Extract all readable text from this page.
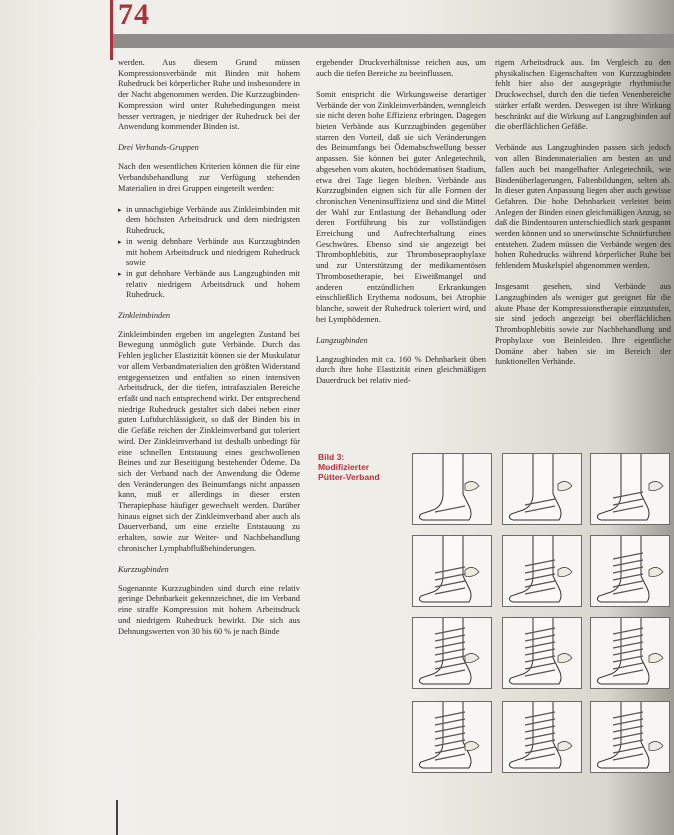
74

werden. Aus diesem Grund müssen Kompressionsverbände mit Binden mit hohem Ruhedruck bei körperlicher Ruhe und insbesondere in der Nacht abgenommen werden. Die Kurzzugbinden-Kompression wird unter Ruhebedingungen meist besser vertragen, je niedriger der Ruhedruck bei der Anwendung kommender Binden ist.

Drei Verbands-Gruppen

Nach den wesentlichen Kriterien können die für eine Verbandsbehandlung zur Verfügung stehenden Materialien in drei Gruppen eingeteilt werden:

▸ in unnachgiebige Verbände aus Zinkleimbinden mit dem höchsten Arbeitsdruck und dem niedrigsten Ruhedruck,
▸ in wenig dehnbare Verbände aus Kurzzugbinden mit hohem Arbeitsdruck und niedrigem Ruhedruck sowie
▸ in gut dehnbare Verbände aus Langzugbinden mit relativ niedrigem Arbeitsdruck und hohem Ruhedruck.
Zinkleimbinden

Zinkleimbinden ergeben im angelegten Zustand bei Bewegung unmöglich gute Verbände. Durch das Fehlen jeglicher Elastizität können sie der Muskulatur vor allem Verbandmaterialien den größten Widerstand entgegensetzen und entfalten so einen intensiven Arbeitsdruck, der die tiefen, intrafaszialen Bereiche erfaßt und nach entsprechend wirkt. Der entsprechend niedrige Ruhedruck gestaltet sich dabei neben einer guten Luftdurchlässigkeit, so daß der Binden bis in die Gefäße reichen der Zinkleimverband gut toleriert wird. Der Zinkleimverband ist deshalb unbedingt für eine schnellen Entstauung eines geschwollenen Beines und zur Beseitigung bestehender Ödeme. Da sich der Verband nach der Anwendung die Ödeme den Veränderungen des Beinumfangs nicht anpassen kann, muß er allerdings in dieser ersten Therapiephase häufiger gewechselt werden. Darüber hinaus eignet sich der Zinkleimverband aber auch als Dauerverband, um eine erzielte Entstauung zu erhalten, sowie zur Weiter- und Nachbehandlung chronischer Lymphabflußbehinderungen.

Kurzzugbinden

Sogenannte Kurzzugbinden sind durch eine relativ geringe Dehnbarkeit gekennzeichnet, die im Verband eine straffe Kompression mit hohem Arbeitsdruck und niedrigem Ruhedruck bewirkt. Die sich aus Dehnungswerten von 30 bis 60 % je nach Binde

ergebender Druckverhältnisse reichen aus, um auch die tiefen Bereiche zu beeinflussen.

Somit entspricht die Wirkungsweise derartiger Verbände der von Zinkleimverbänden, wenngleich sie nicht deren hohe Effizienz erbringen. Dagegen bieten Verbände aus Kurzzugbinden gegenüber starren den Vorteil, daß sie sich Veränderungen des Beinumfangs bei Ödemabschwellung besser anpassen. Sie können bei guter Anlegetechnik, abgesehen vom akuten, hochödematösen Stadium, etwa drei Tage liegen bleiben. Verbände aus Kurzzugbinden eignen sich für alle Formen der chronischen Veneninsuffizienz und sind die Mittel der Wahl zur Entlastung der Behandlung oder deren Fortführung bis zur vollständigen Erreichung und Aufrechterhaltung eines Geschwüres. Ebenso sind sie angezeigt bei Thrombophlebitis, zur Thrombosepraophylaxe und zur Unterstützung der medikamentösen Thrombosetherapie, bei Eiweißmangel und anderen entzündlichen Erkrankungen einschließlich Erythema nodosum, bei Atrophie blanche, soweit der Ruhedruck toleriert wird, und bei Lymphödemen.

Langzugbinden

Langzugbinden mit ca. 160 % Dehnbarkeit üben durch ihre hohe Elastizität einen gleichmäßigen Dauerdruck bei relativ nied-

rigem Arbeitsdruck aus. Im Vergleich zu den physikalischen Eigenschaften von Kurzzugbinden fehlt hier also der ausgeprägte rhythmische Druckwechsel, durch den die tiefen Venenbereiche stärker erfaßt werden. Deswegen ist ihre Wirkung beschränkt auf die Wirkung auf Langzugbinden auf die oberflächlichen Gefäße.

Verbände aus Langzugbinden passen sich jedoch von allen Bindenmaterialien am besten an und fallen auch bei mangelhafter Anlegetechnik, wie Bindenüberlagerungen, Faltenbildungen, selten ab. In dieser guten Anpassung liegen aber auch gewisse Gefahren. Die hohe Dehnbarkeit verleitet beim Anlegen der Binden einen gleichmäßigen Anzug, so daß die Bindentouren unterschiedlich stark gespannt werden können und so unerwünschte Schnürfurchen entstehen. Zudem müssen die Verbände wegen des hohen Ruhedrucks während körperlicher Ruhe bei fehlendem Muskelspiel abgenommen werden.

Insgesamt gesehen, sind Verbände aus Langzugbinden als weniger gut geeignet für die akute Phase der Kompressionstherapie einzustufen, sie sind jedoch angezeigt bei oberflächlichen Thrombophlebitis sowie zur Nachbehandlung und Prophylaxe von Beinleiden. Ihre eigentliche Domäne aber haben sie im Bereich der funktionellen Verbände.

Bild 3:
Modifizierter
Pütter-Verband
